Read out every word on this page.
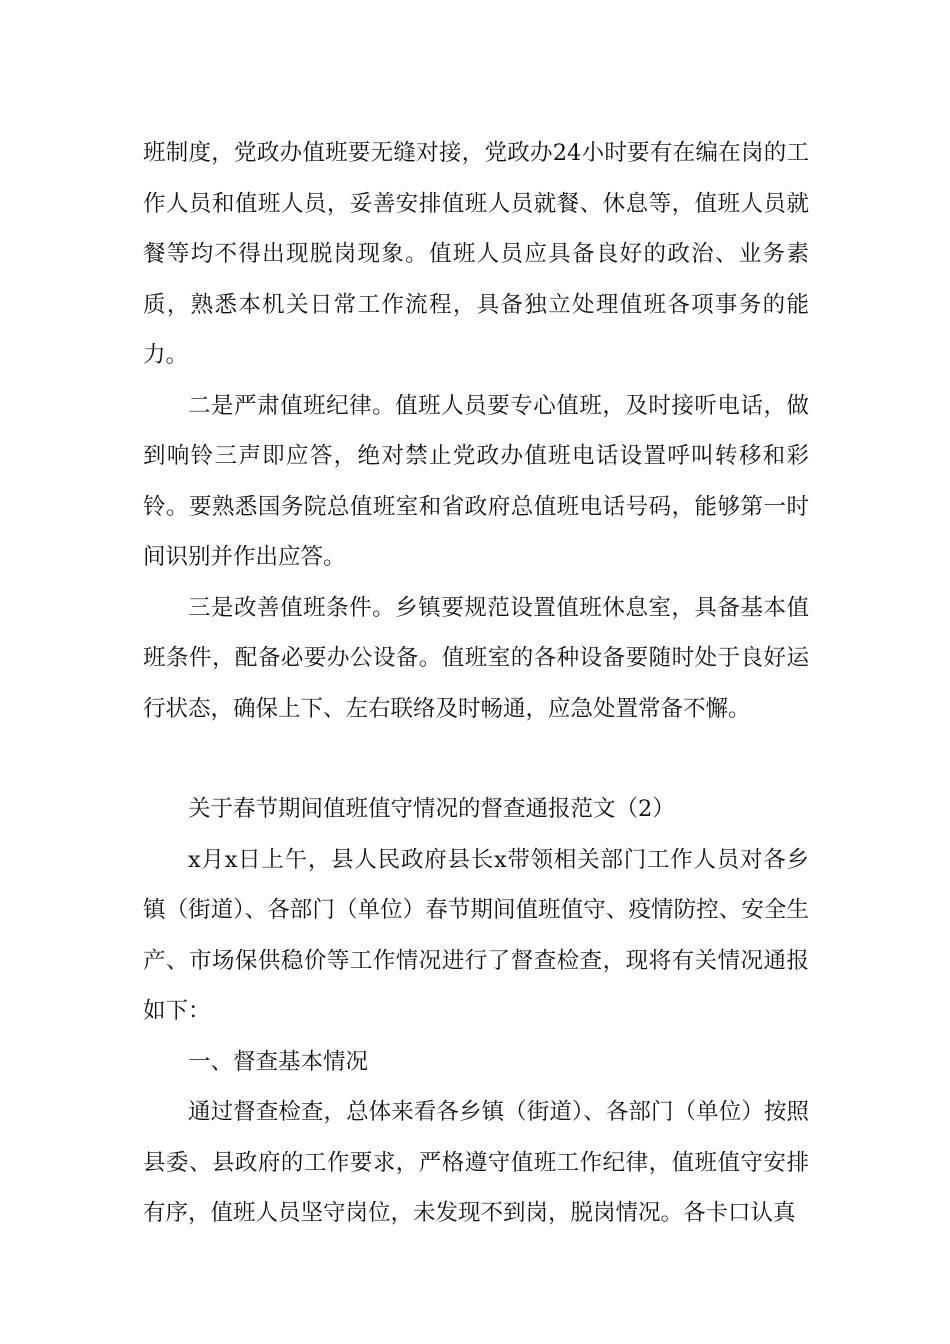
班制度，党政办值班要无缝对接，党政办24小时要有在编在岗的工作人员和值班人员，妥善安排值班人员就餐、休息等，值班人员就餐等均不得出现脱岗现象。值班人员应具备良好的政治、业务素质，熟悉本机关日常工作流程，具备独立处理值班各项事务的能力。

二是严肃值班纪律。值班人员要专心值班，及时接听电话，做到响铃三声即应答，绝对禁止党政办值班电话设置呼叫转移和彩铃。要熟悉国务院总值班室和省政府总值班电话号码，能够第一时间识别并作出应答。

三是改善值班条件。乡镇要规范设置值班休息室，具备基本值班条件，配备必要办公设备。值班室的各种设备要随时处于良好运行状态，确保上下、左右联络及时畅通，应急处置常备不懈。

关于春节期间值班值守情况的督查通报范文（2）

x月x日上午，县人民政府县长x带领相关部门工作人员对各乡镇（街道）、各部门（单位）春节期间值班值守、疫情防控、安全生产、市场保供稳价等工作情况进行了督查检查，现将有关情况通报如下：

一、督查基本情况

通过督查检查，总体来看各乡镇（街道）、各部门（单位）按照县委、县政府的工作要求，严格遵守值班工作纪律，值班值守安排有序，值班人员坚守岗位，未发现不到岗，脱岗情况。各卡口认真
